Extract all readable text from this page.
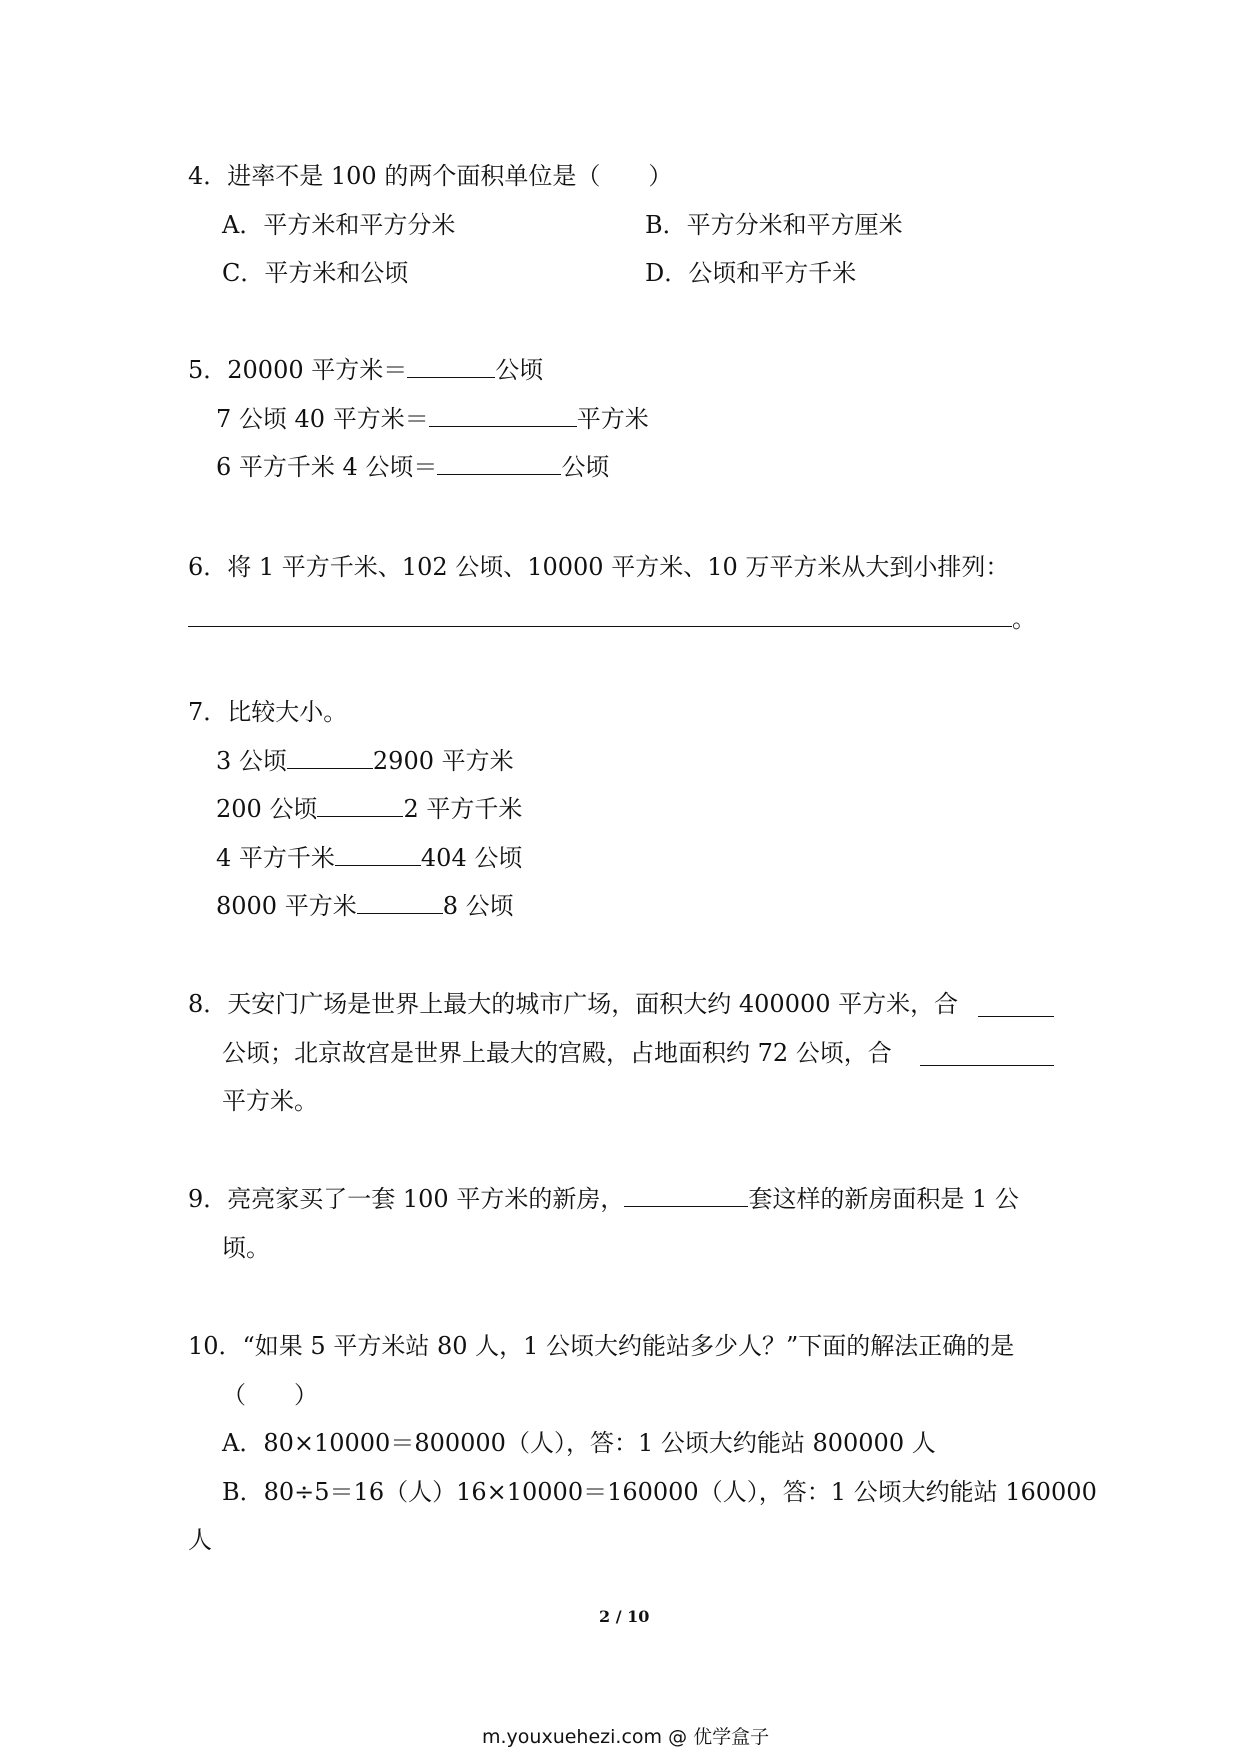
4．进率不是 100 的两个面积单位是（　　）
A．平方米和平方分米	B．平方分米和平方厘米
C．平方米和公顷	D．公顷和平方千米
5．20000 平方米＝	公顷
7 公顷 40 平方米＝	平方米
6 平方千米 4 公顷＝	公顷
6．将 1 平方千米、102 公顷、10000 平方米、10 万平方米从大到小排列：
。
7．比较大小。
3 公顷	2900 平方米
200 公顷	2 平方千米
4 平方千米	404 公顷
8000 平方米	8 公顷
8．天安门广场是世界上最大的城市广场，面积大约 400000 平方米，合
公顷；北京故宫是世界上最大的宫殿，占地面积约 72 公顷，合
平方米。
9．亮亮家买了一套 100 平方米的新房，	套这样的新房面积是 1 公
顷。
10．“如果 5 平方米站 80 人，1 公顷大约能站多少人？”下面的解法正确的是
（　　）
A．80×10000＝800000（人），答：1 公顷大约能站 800000 人
B．80÷5＝16（人）16×10000＝160000（人），答：1 公顷大约能站 160000
人
2 / 10
m.youxuehezi.com @ 优学盒子
